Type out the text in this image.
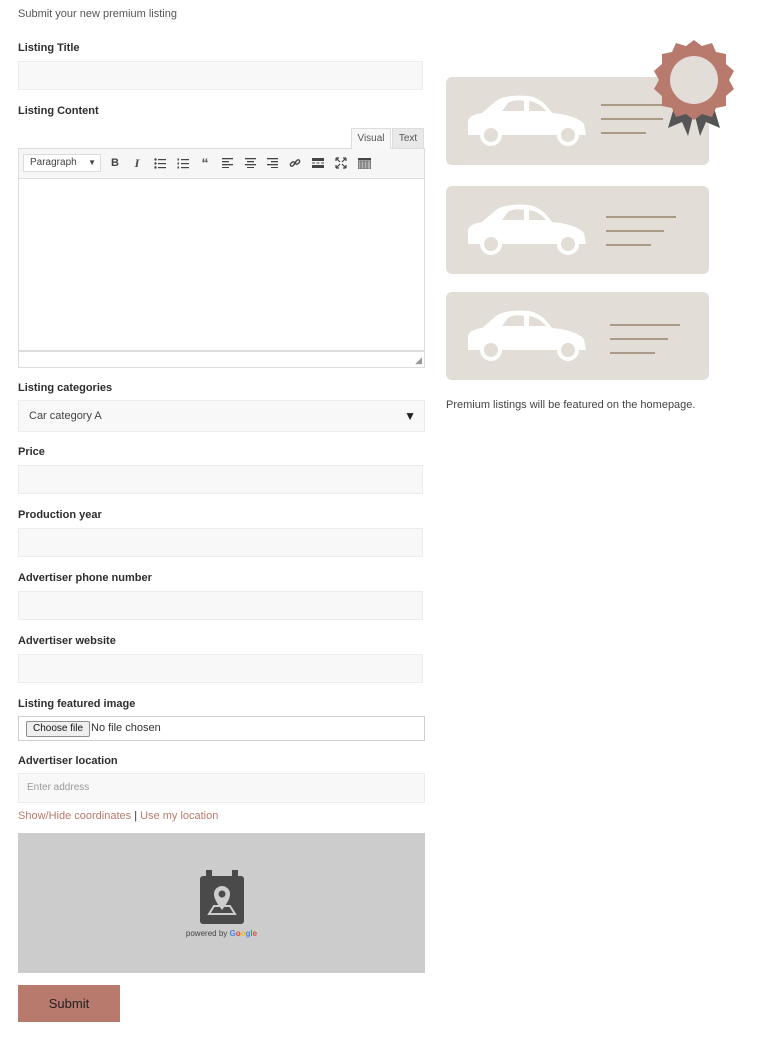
Submit your new premium listing
Listing Title
Listing Content
Visual	Text
Paragraph ▼	B	I	“
◢
Listing categories
Car category A	▼
Price
Production year
Advertiser phone number
Advertiser website
Listing featured image
Choose file No file chosen
Advertiser location
Enter address
Show/Hide coordinates | Use my location
powered by Google
Submit
Premium listings will be featured on the homepage.
